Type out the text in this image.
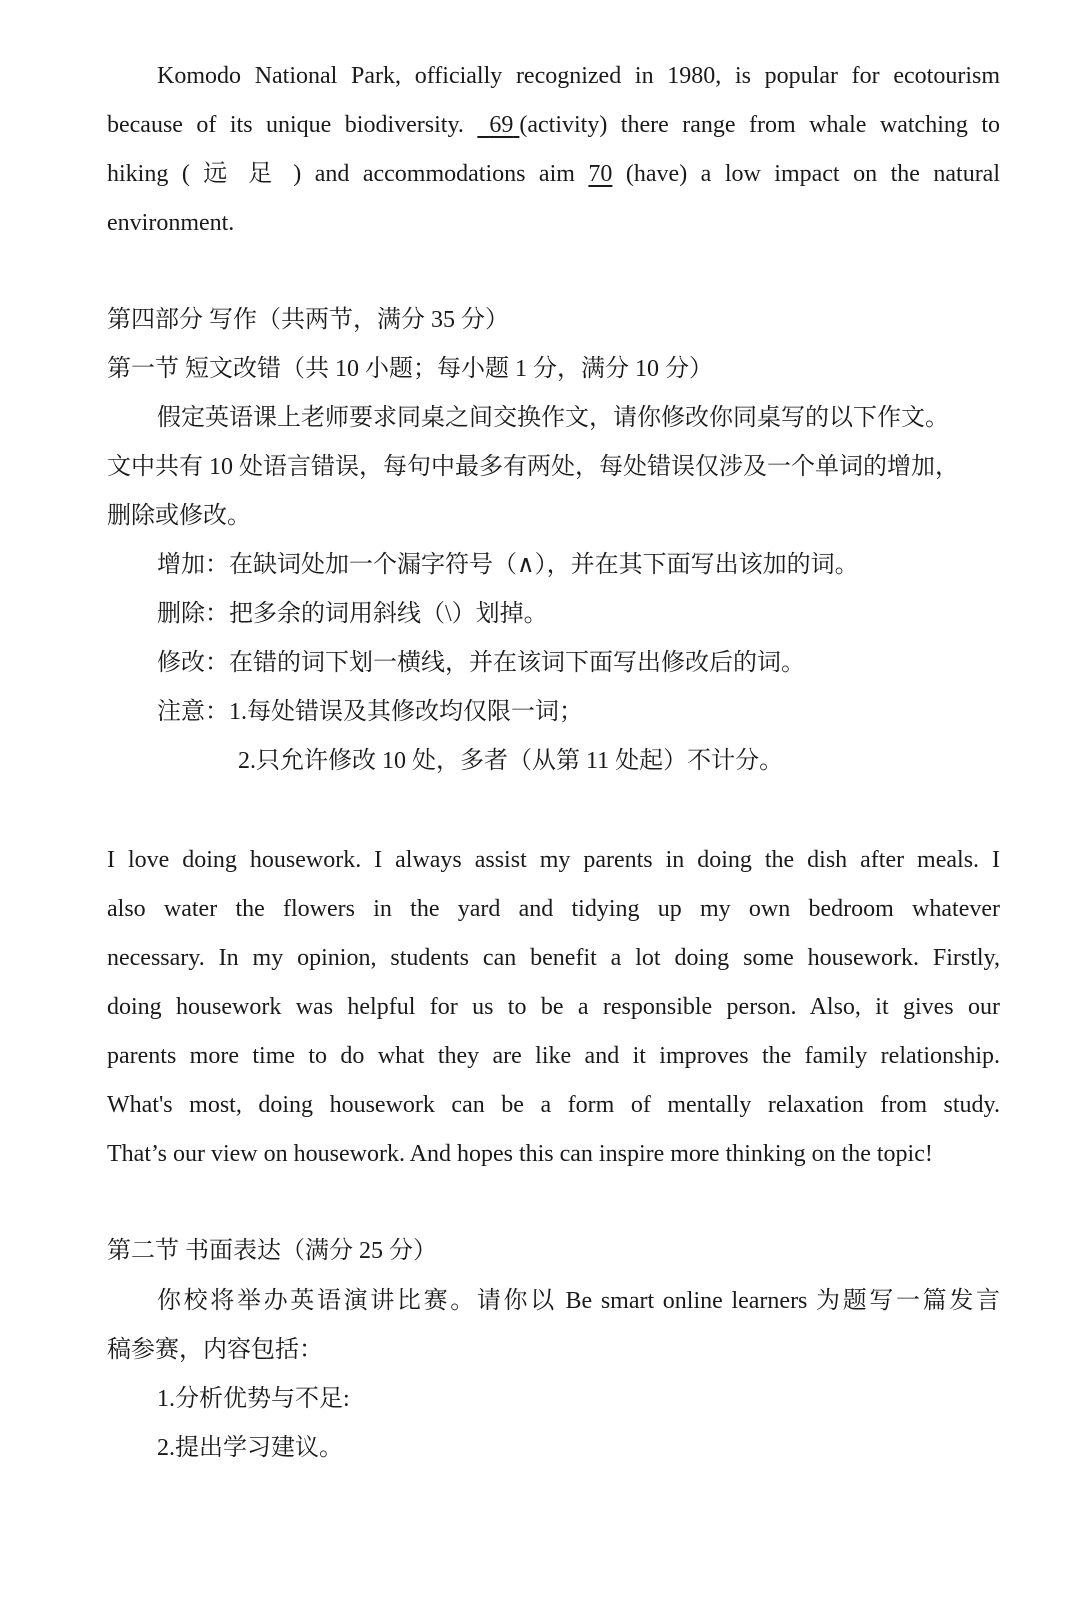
Komodo National Park, officially recognized in 1980, is popular for ecotourism
because of its unique biodiversity. 69 (activity) there range from whale watching to
hiking ( 远 足 ) and accommodations aim 70 (have) a low impact on the natural
environment.
第四部分 写作（共两节，满分 35 分）
第一节 短文改错（共 10 小题；每小题 1 分，满分 10 分）
假定英语课上老师要求同桌之间交换作文，请你修改你同桌写的以下作文。
文中共有 10 处语言错误，每句中最多有两处，每处错误仅涉及一个单词的增加，
删除或修改。
增加：在缺词处加一个漏字符号（∧），并在其下面写出该加的词。
删除：把多余的词用斜线（\）划掉。
修改：在错的词下划一横线，并在该词下面写出修改后的词。
注意：1.每处错误及其修改均仅限一词；
2.只允许修改 10 处，多者（从第 11 处起）不计分。
I love doing housework. I always assist my parents in doing the dish after meals. I
also water the flowers in the yard and tidying up my own bedroom whatever
necessary. In my opinion, students can benefit a lot doing some housework. Firstly,
doing housework was helpful for us to be a responsible person. Also, it gives our
parents more time to do what they are like and it improves the family relationship.
What's most, doing housework can be a form of mentally relaxation from study.
That’s our view on housework. And hopes this can inspire more thinking on the topic!
第二节 书面表达（满分 25 分）
你校将举办英语演讲比赛。请你以 Be smart online learners 为题写一篇发言
稿参赛，内容包括：
1.分析优势与不足:
2.提出学习建议。
